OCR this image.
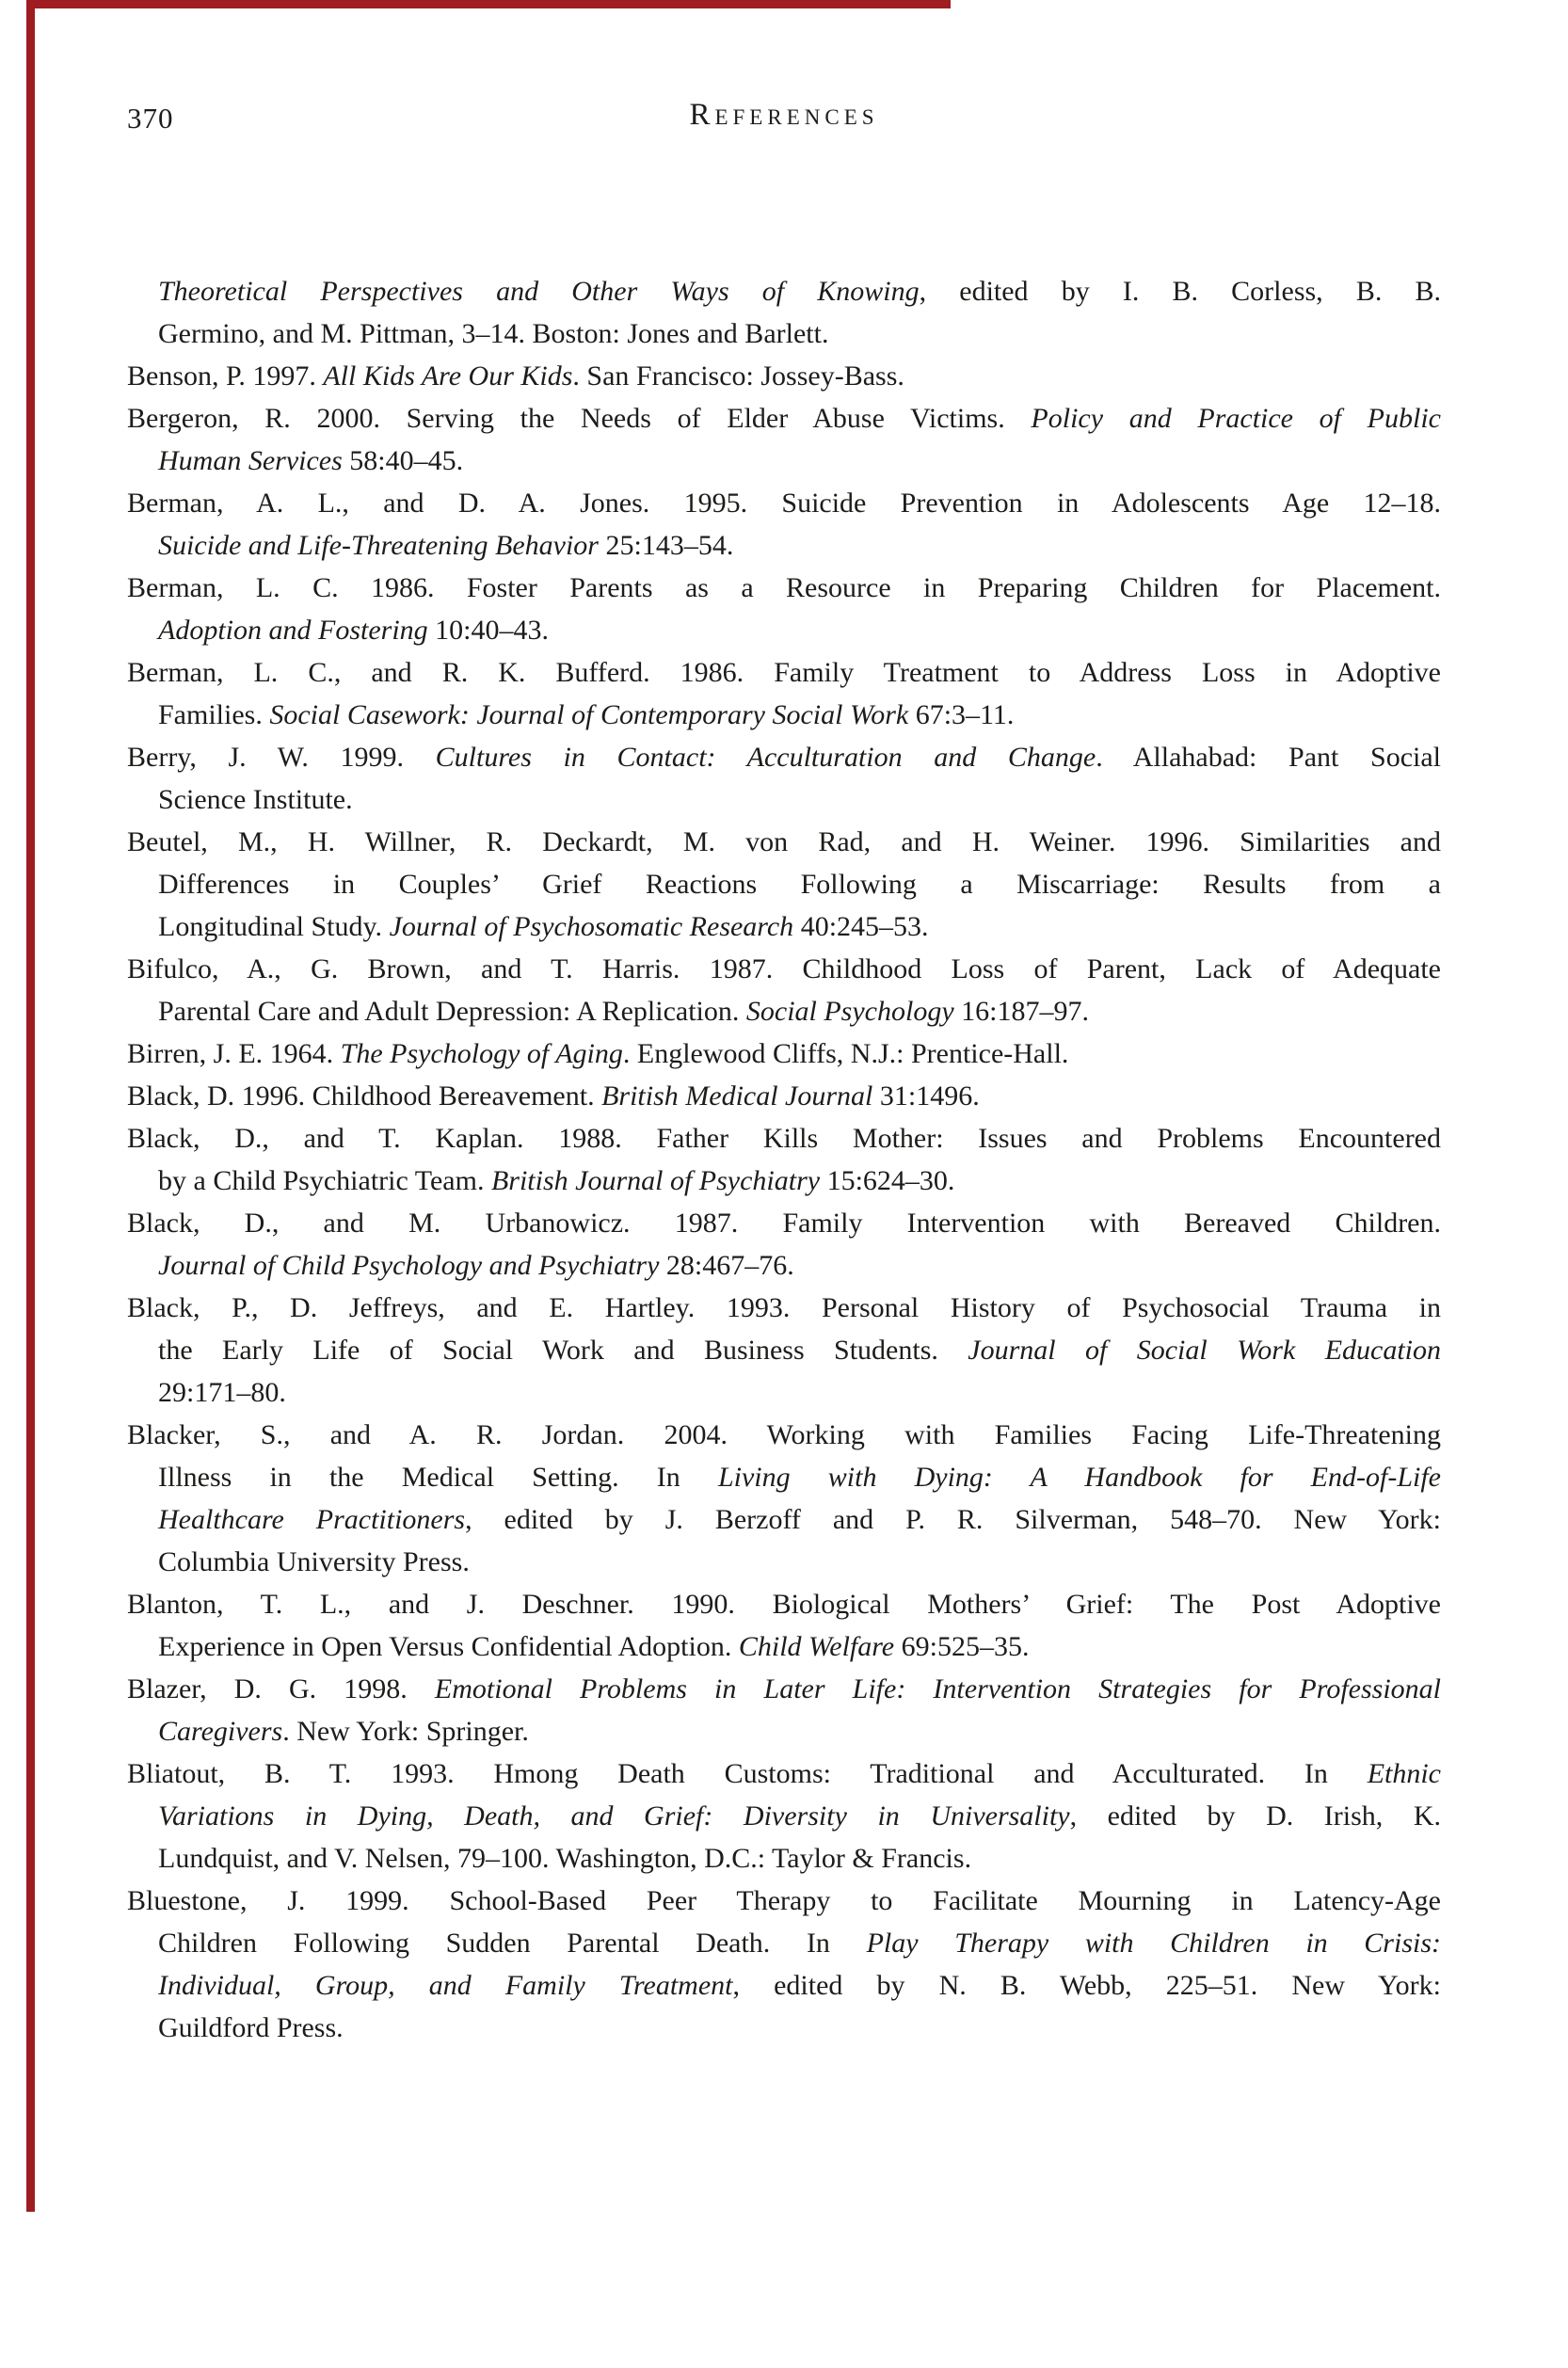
370	References
Theoretical Perspectives and Other Ways of Knowing, edited by I. B. Corless, B. B.
Germino, and M. Pittman, 3–14. Boston: Jones and Barlett.
Benson, P. 1997. All Kids Are Our Kids. San Francisco: Jossey-Bass.
Bergeron, R. 2000. Serving the Needs of Elder Abuse Victims. Policy and Practice of Public
Human Services 58:40–45.
Berman, A. L., and D. A. Jones. 1995. Suicide Prevention in Adolescents Age 12–18.
Suicide and Life-Threatening Behavior 25:143–54.
Berman, L. C. 1986. Foster Parents as a Resource in Preparing Children for Placement.
Adoption and Fostering 10:40–43.
Berman, L. C., and R. K. Bufferd. 1986. Family Treatment to Address Loss in Adoptive
Families. Social Casework: Journal of Contemporary Social Work 67:3–11.
Berry, J. W. 1999. Cultures in Contact: Acculturation and Change. Allahabad: Pant Social
Science Institute.
Beutel, M., H. Willner, R. Deckardt, M. von Rad, and H. Weiner. 1996. Similarities and
Differences in Couples’ Grief Reactions Following a Miscarriage: Results from a
Longitudinal Study. Journal of Psychosomatic Research 40:245–53.
Bifulco, A., G. Brown, and T. Harris. 1987. Childhood Loss of Parent, Lack of Adequate
Parental Care and Adult Depression: A Replication. Social Psychology 16:187–97.
Birren, J. E. 1964. The Psychology of Aging. Englewood Cliffs, N.J.: Prentice-Hall.
Black, D. 1996. Childhood Bereavement. British Medical Journal 31:1496.
Black, D., and T. Kaplan. 1988. Father Kills Mother: Issues and Problems Encountered
by a Child Psychiatric Team. British Journal of Psychiatry 15:624–30.
Black, D., and M. Urbanowicz. 1987. Family Intervention with Bereaved Children.
Journal of Child Psychology and Psychiatry 28:467–76.
Black, P., D. Jeffreys, and E. Hartley. 1993. Personal History of Psychosocial Trauma in
the Early Life of Social Work and Business Students. Journal of Social Work Education
29:171–80.
Blacker, S., and A. R. Jordan. 2004. Working with Families Facing Life-Threatening
Illness in the Medical Setting. In Living with Dying: A Handbook for End-of-Life
Healthcare Practitioners, edited by J. Berzoff and P. R. Silverman, 548–70. New York:
Columbia University Press.
Blanton, T. L., and J. Deschner. 1990. Biological Mothers’ Grief: The Post Adoptive
Experience in Open Versus Confidential Adoption. Child Welfare 69:525–35.
Blazer, D. G. 1998. Emotional Problems in Later Life: Intervention Strategies for Professional
Caregivers. New York: Springer.
Bliatout, B. T. 1993. Hmong Death Customs: Traditional and Acculturated. In Ethnic
Variations in Dying, Death, and Grief: Diversity in Universality, edited by D. Irish, K.
Lundquist, and V. Nelsen, 79–100. Washington, D.C.: Taylor & Francis.
Bluestone, J. 1999. School-Based Peer Therapy to Facilitate Mourning in Latency-Age
Children Following Sudden Parental Death. In Play Therapy with Children in Crisis:
Individual, Group, and Family Treatment, edited by N. B. Webb, 225–51. New York:
Guildford Press.
